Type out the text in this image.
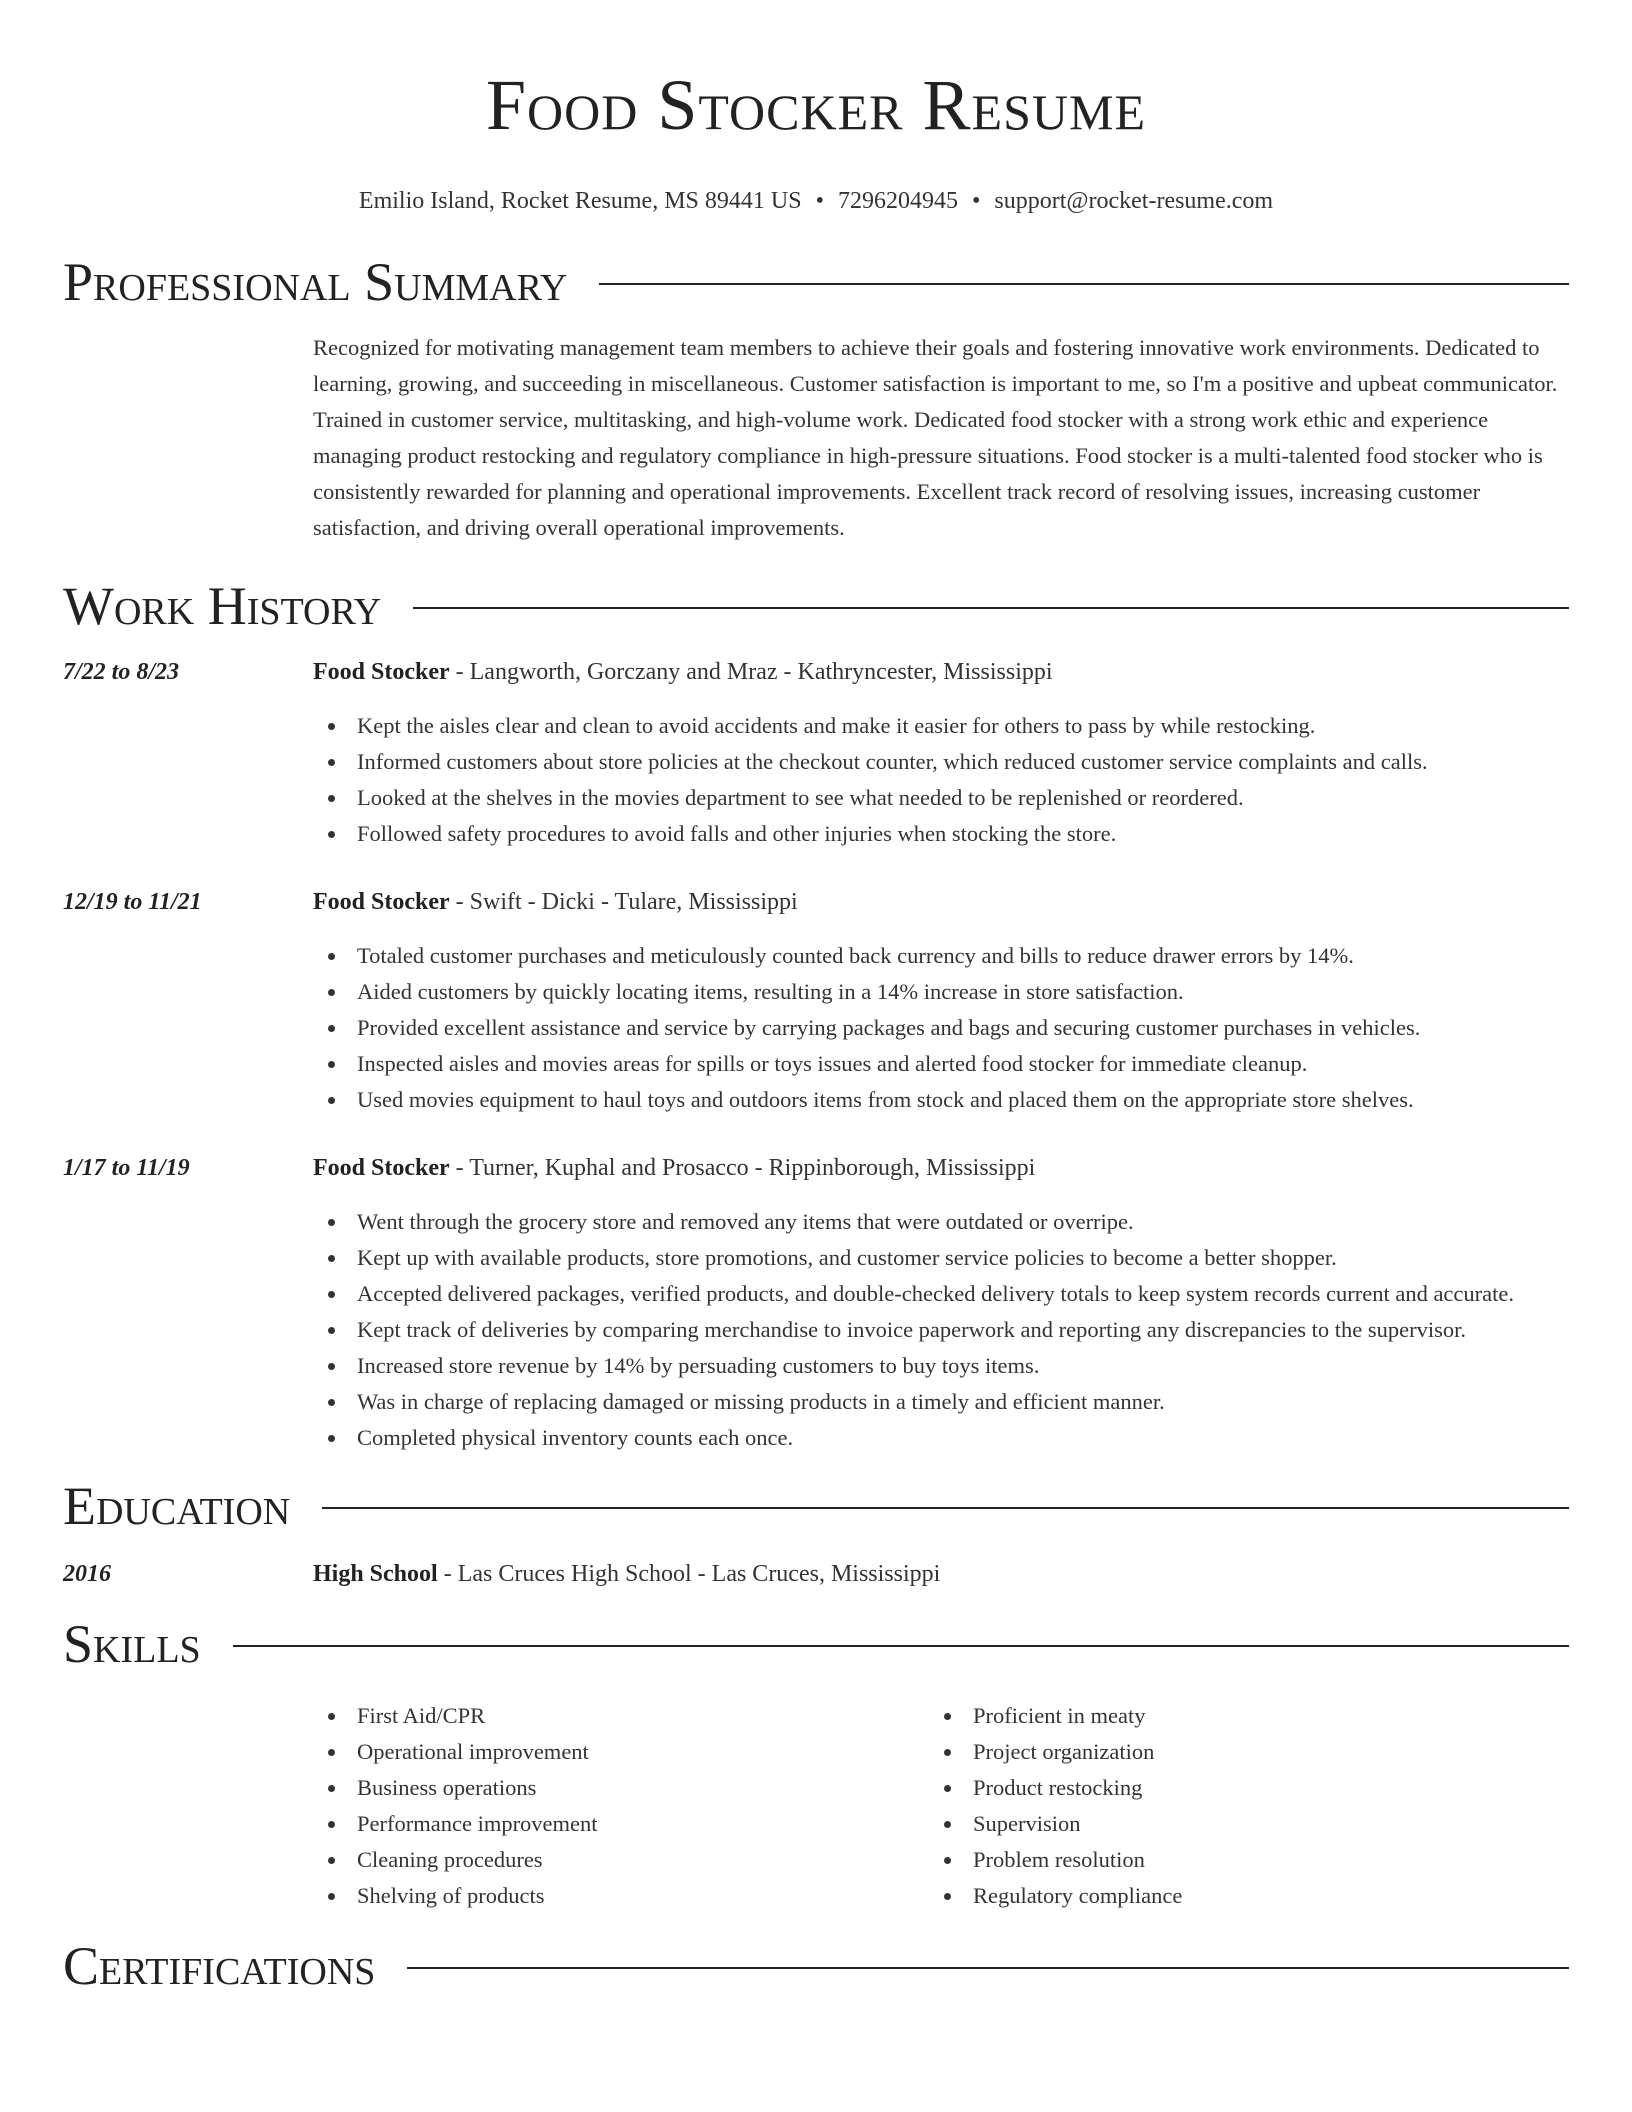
Food Stocker Resume
Emilio Island, Rocket Resume, MS 89441 US • 7296204945 • support@rocket-resume.com
Professional Summary
Recognized for motivating management team members to achieve their goals and fostering innovative work environments. Dedicated to learning, growing, and succeeding in miscellaneous. Customer satisfaction is important to me, so I'm a positive and upbeat communicator. Trained in customer service, multitasking, and high-volume work. Dedicated food stocker with a strong work ethic and experience managing product restocking and regulatory compliance in high-pressure situations. Food stocker is a multi-talented food stocker who is consistently rewarded for planning and operational improvements. Excellent track record of resolving issues, increasing customer satisfaction, and driving overall operational improvements.
Work History
7/22 to 8/23	Food Stocker - Langworth, Gorczany and Mraz - Kathryncester, Mississippi
Kept the aisles clear and clean to avoid accidents and make it easier for others to pass by while restocking.
Informed customers about store policies at the checkout counter, which reduced customer service complaints and calls.
Looked at the shelves in the movies department to see what needed to be replenished or reordered.
Followed safety procedures to avoid falls and other injuries when stocking the store.
12/19 to 11/21	Food Stocker - Swift - Dicki - Tulare, Mississippi
Totaled customer purchases and meticulously counted back currency and bills to reduce drawer errors by 14%.
Aided customers by quickly locating items, resulting in a 14% increase in store satisfaction.
Provided excellent assistance and service by carrying packages and bags and securing customer purchases in vehicles.
Inspected aisles and movies areas for spills or toys issues and alerted food stocker for immediate cleanup.
Used movies equipment to haul toys and outdoors items from stock and placed them on the appropriate store shelves.
1/17 to 11/19	Food Stocker - Turner, Kuphal and Prosacco - Rippinborough, Mississippi
Went through the grocery store and removed any items that were outdated or overripe.
Kept up with available products, store promotions, and customer service policies to become a better shopper.
Accepted delivered packages, verified products, and double-checked delivery totals to keep system records current and accurate.
Kept track of deliveries by comparing merchandise to invoice paperwork and reporting any discrepancies to the supervisor.
Increased store revenue by 14% by persuading customers to buy toys items.
Was in charge of replacing damaged or missing products in a timely and efficient manner.
Completed physical inventory counts each once.
Education
2016	High School - Las Cruces High School - Las Cruces, Mississippi
Skills
First Aid/CPR
Operational improvement
Business operations
Performance improvement
Cleaning procedures
Shelving of products
Proficient in meaty
Project organization
Product restocking
Supervision
Problem resolution
Regulatory compliance
Certifications
